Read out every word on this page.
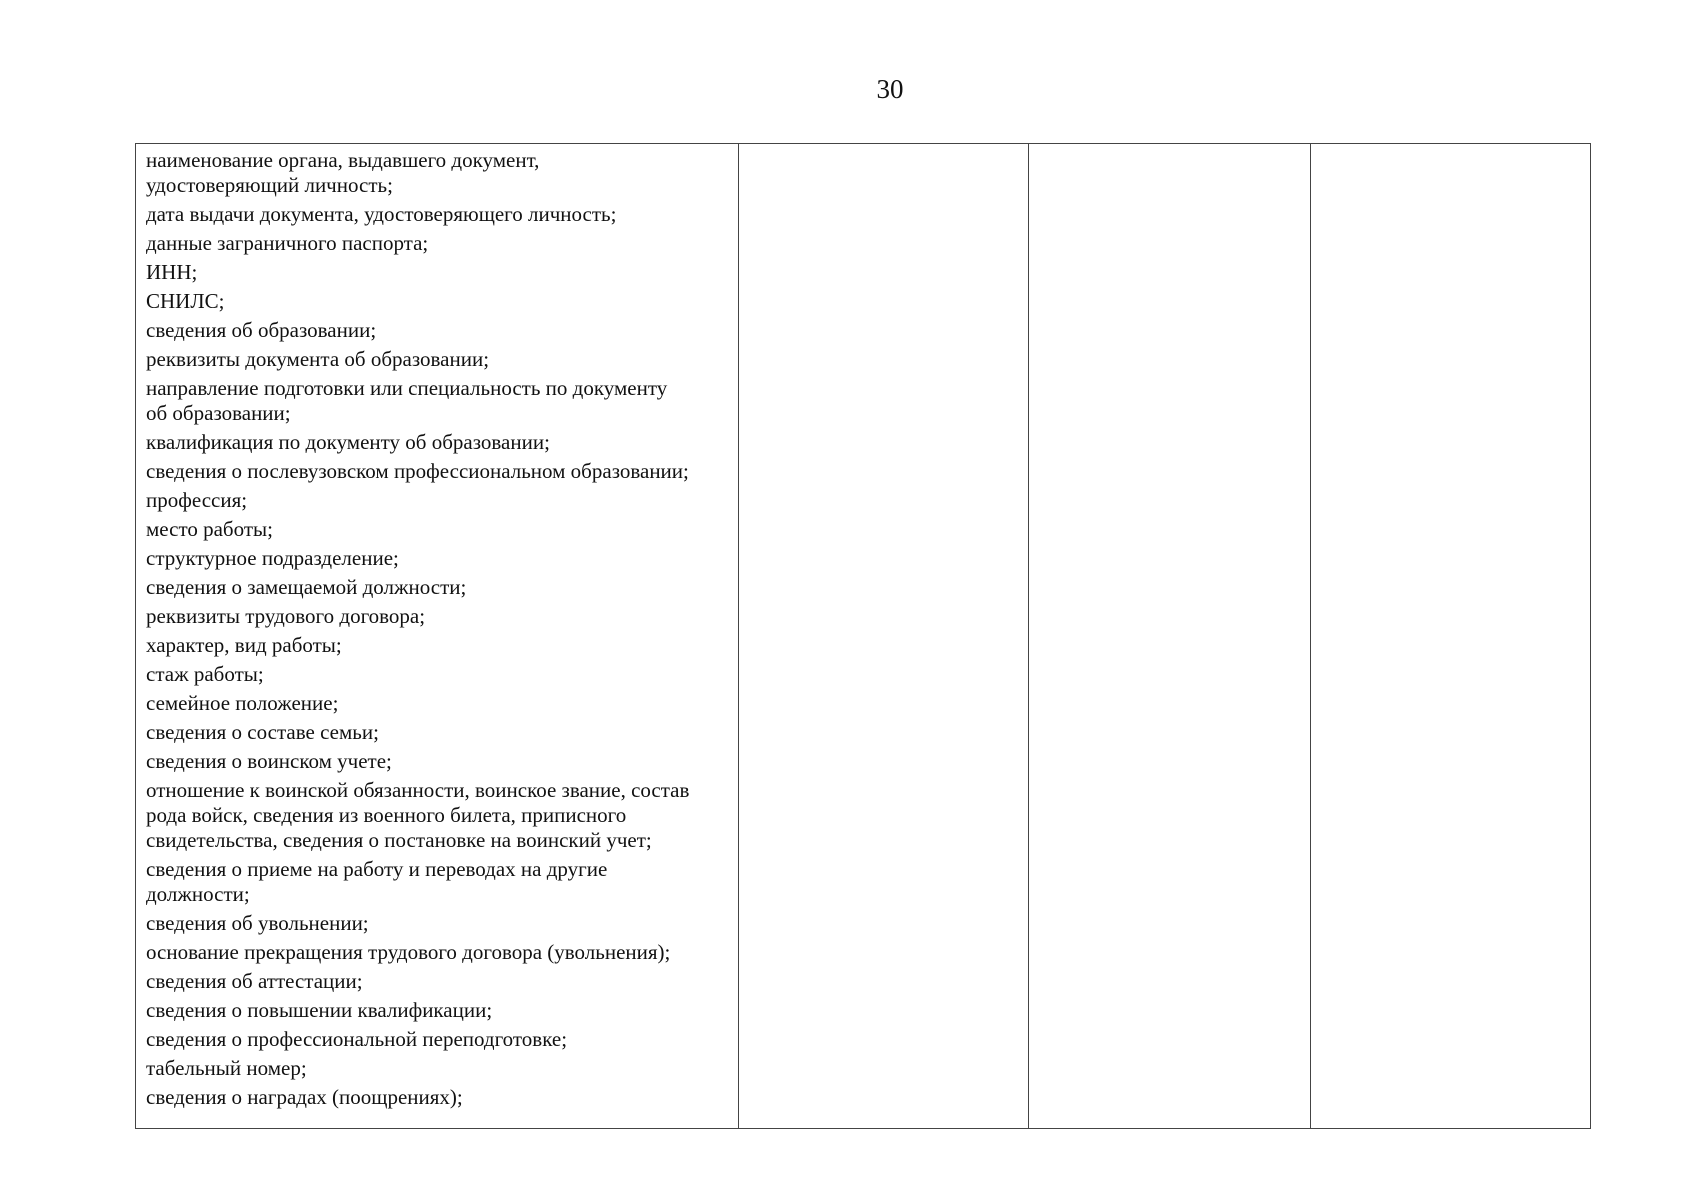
30
наименование органа, выдавшего документ,
удостоверяющий личность;
дата выдачи документа, удостоверяющего личность;
данные заграничного паспорта;
ИНН;
СНИЛС;
сведения об образовании;
реквизиты документа об образовании;
направление подготовки или специальность по документу
об образовании;
квалификация по документу об образовании;
сведения о послевузовском профессиональном образовании;
профессия;
место работы;
структурное подразделение;
сведения о замещаемой должности;
реквизиты трудового договора;
характер, вид работы;
стаж работы;
семейное положение;
сведения о составе семьи;
сведения о воинском учете;
отношение к воинской обязанности, воинское звание, состав
рода войск, сведения из военного билета, приписного
свидетельства, сведения о постановке на воинский учет;
сведения о приеме на работу и переводах на другие
должности;
сведения об увольнении;
основание прекращения трудового договора (увольнения);
сведения об аттестации;
сведения о повышении квалификации;
сведения о профессиональной переподготовке;
табельный номер;
сведения о наградах (поощрениях);
